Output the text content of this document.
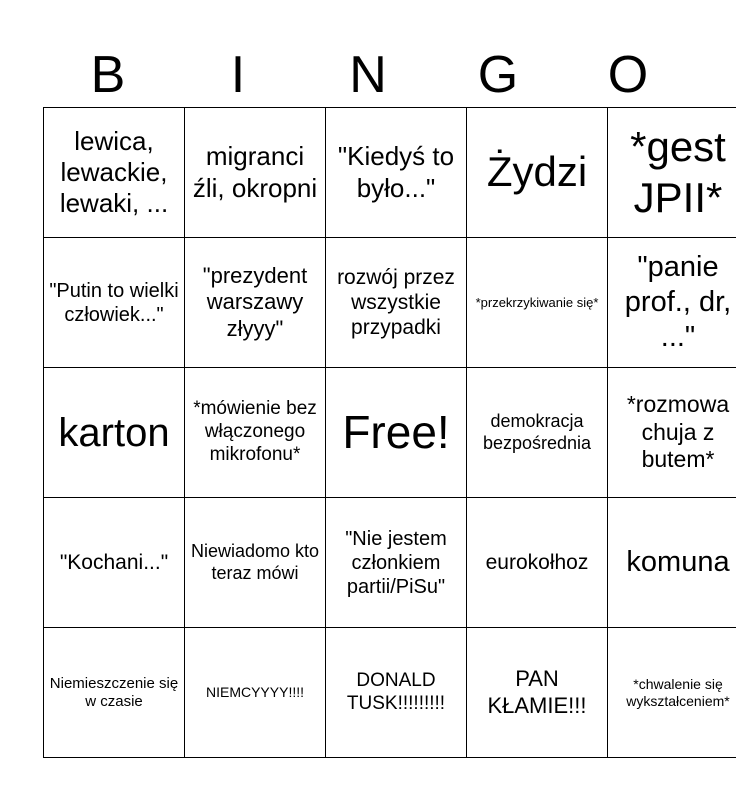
B	I	N	G	O
lewica, lewackie, lewaki, ...	migranci źli, okropni	"Kiedyś to było..."	Żydzi	*gest JPII*

"Putin to wielki człowiek..."	"prezydent warszawy złyyy"	rozwój przez wszystkie przypadki	*przekrzykiwanie się*	"panie prof., dr, ..."

karton	*mówienie bez włączonego mikrofonu*	Free!	demokracja bezpośrednia	*rozmowa chuja z butem*

"Kochani..."	Niewiadomo kto teraz mówi	"Nie jestem członkiem partii/PiSu"	eurokołhoz	komuna

Niemieszczenie się w czasie	NIEMCYYYY!!!!	DONALD TUSK!!!!!!!!!	PAN KŁAMIE!!!	*chwalenie się wykształceniem*
